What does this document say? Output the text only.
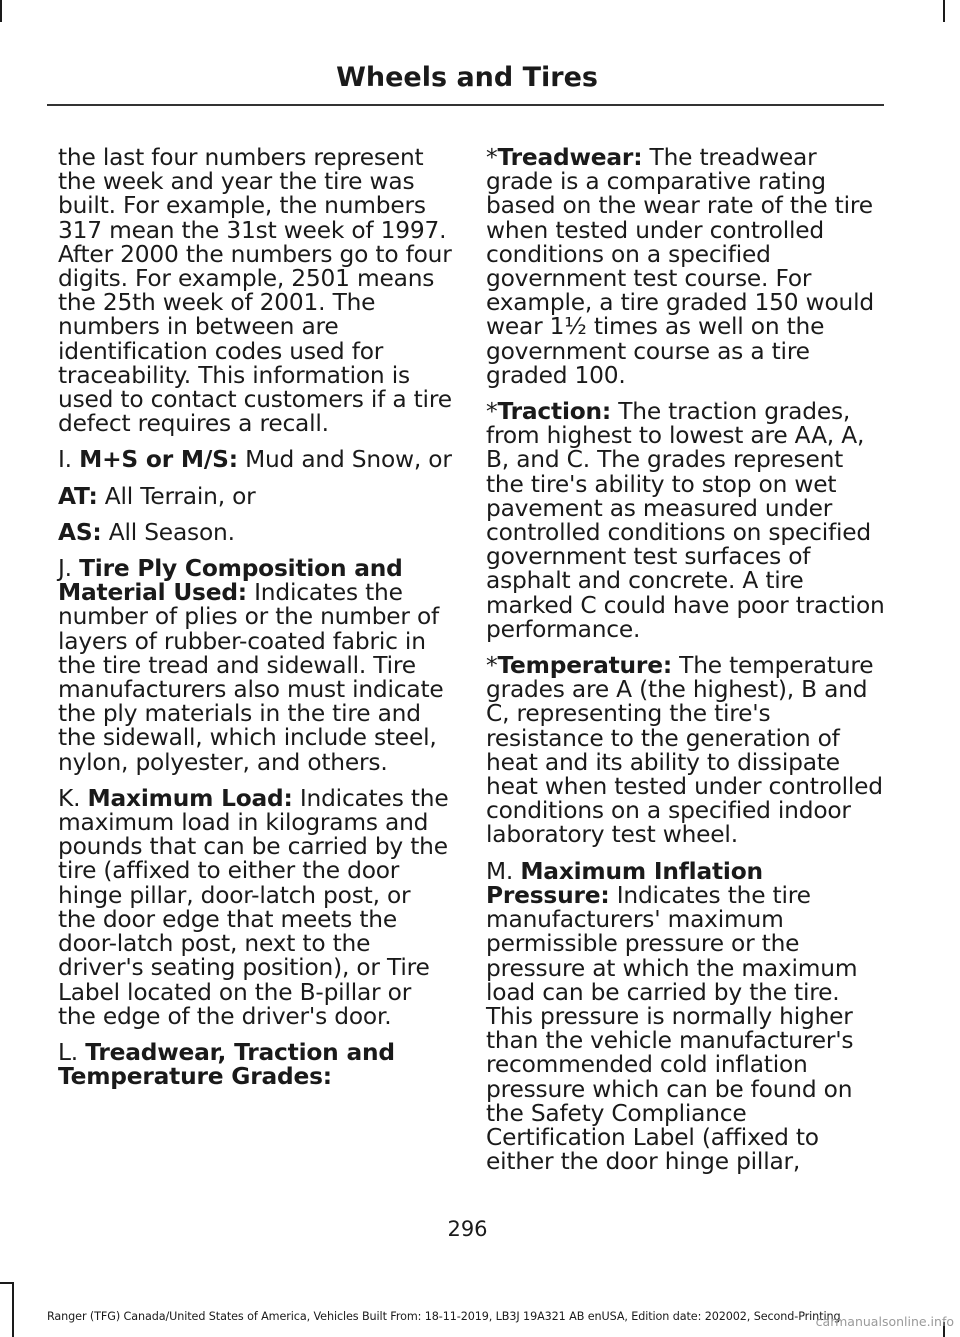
Wheels and Tires

the last four numbers represent the week and year the tire was built. For example, the numbers 317 mean the 31st week of 1997. After 2000 the numbers go to four digits. For example, 2501 means the 25th week of 2001. The numbers in between are identification codes used for traceability. This information is used to contact customers if a tire defect requires a recall.

I. M+S or M/S: Mud and Snow, or

AT: All Terrain, or

AS: All Season.

J. Tire Ply Composition and Material Used: Indicates the number of plies or the number of layers of rubber-coated fabric in the tire tread and sidewall. Tire manufacturers also must indicate the ply materials in the tire and the sidewall, which include steel, nylon, polyester, and others.

K. Maximum Load: Indicates the maximum load in kilograms and pounds that can be carried by the tire (affixed to either the door hinge pillar, door-latch post, or the door edge that meets the door-latch post, next to the driver's seating position), or Tire Label located on the B-pillar or the edge of the driver's door.

L. Treadwear, Traction and Temperature Grades:

*Treadwear: The treadwear grade is a comparative rating based on the wear rate of the tire when tested under controlled conditions on a specified government test course. For example, a tire graded 150 would wear 1½ times as well on the government course as a tire graded 100.

*Traction: The traction grades, from highest to lowest are AA, A, B, and C. The grades represent the tire's ability to stop on wet pavement as measured under controlled conditions on specified government test surfaces of asphalt and concrete. A tire marked C could have poor traction performance.

*Temperature: The temperature grades are A (the highest), B and C, representing the tire's resistance to the generation of heat and its ability to dissipate heat when tested under controlled conditions on a specified indoor laboratory test wheel.

M. Maximum Inflation Pressure: Indicates the tire manufacturers' maximum permissible pressure or the pressure at which the maximum load can be carried by the tire. This pressure is normally higher than the vehicle manufacturer's recommended cold inflation pressure which can be found on the Safety Compliance Certification Label (affixed to either the door hinge pillar,

296
Ranger (TFG) Canada/United States of America, Vehicles Built From: 18-11-2019, LB3J 19A321 AB enUSA, Edition date: 202002, Second-Printing
carmanualsonline.info
